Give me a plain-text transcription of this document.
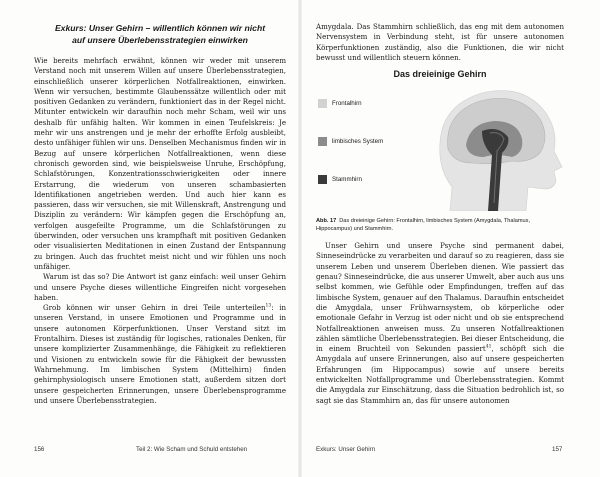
Exkurs: Unser Gehirn – willentlich können wir nicht
auf unsere Überlebensstrategien einwirken

Wie bereits mehrfach erwähnt, können wir weder mit unserem Verstand noch mit unserem Willen auf unsere Überlebensstrategien, einschließlich unserer körperlichen Notfallreaktionen, einwirken. Wenn wir versuchen, bestimmte Glaubenssätze willentlich oder mit positiven Gedanken zu verändern, funktioniert das in der Regel nicht. Mitunter entwickeln wir daraufhin noch mehr Scham, weil wir uns deshalb für unfähig halten. Wir kommen in einen Teufelskreis: Je mehr wir uns anstrengen und je mehr der erhoffte Erfolg ausbleibt, desto unfähiger fühlen wir uns. Denselben Mechanismus finden wir in Bezug auf unsere körperlichen Notfallreaktionen, wenn diese chronisch geworden sind, wie beispielsweise Unruhe, Erschöpfung, Schlafstörungen, Konzentrationsschwierigkeiten oder innere Erstarrung, die wiederum von unseren schambasierten Identifikationen angetrieben werden. Und auch hier kann es passieren, dass wir versuchen, sie mit Willenskraft, Anstrengung und Disziplin zu verändern: Wir kämpfen gegen die Erschöpfung an, verfolgen ausgefeilte Programme, um die Schlafstörungen zu überwinden, oder versuchen uns krampfhaft mit positiven Gedanken oder visualisierten Meditationen in einen Zustand der Entspannung zu bringen. Auch das fruchtet meist nicht und wir fühlen uns noch unfähiger.

Warum ist das so? Die Antwort ist ganz einfach: weil unser Gehirn und unsere Psyche dieses willentliche Eingreifen nicht vorgesehen haben.

Grob können wir unser Gehirn in drei Teile unterteilen$^{13}$: in unseren Verstand, in unsere Emotionen und Programme und in unsere autonomen Körperfunktionen. Unser Verstand sitzt im Frontalhirn. Dieses ist zuständig für logisches, rationales Denken, für unsere komplizierter Zusammenhänge, die Fähigkeit zu reflektieren und Visionen zu entwickeln sowie für die Fähigkeit der bewussten Wahrnehmung. Im limbischen System (Mittelhirn) finden gehirnphysiologisch unsere Emotionen statt, außerdem sitzen dort unsere gespeicherten Erinnerungen, unsere Überlebensprogramme und unsere Überlebensstrategien.

156	Teil 2: Wie Scham und Schuld entstehen

Amygdala. Das Stammhirn schließlich, das eng mit dem autonomen Nervensystem in Verbindung steht, ist für unsere autonomen Körperfunktionen zuständig, also die Funktionen, die wir nicht bewusst und willentlich steuern können.

Das dreieinige Gehirn
Frontalhirn
limbisches System
Stammhirn
Abb. 17 Das dreieinige Gehirn: Frontalhirn, limbisches System (Amygdala, Thalamus, Hippocampus) und Stammhirn.

Unser Gehirn und unsere Psyche sind permanent dabei, Sinneseindrücke zu verarbeiten und darauf so zu reagieren, dass sie unserem Leben und unserem Überleben dienen. Wie passiert das genau? Sinneseindrücke, die aus unserer Umwelt, aber auch aus uns selbst kommen, wie Gefühle oder Empfindungen, treffen auf das limbische System, genauer auf den Thalamus. Daraufhin entscheidet die Amygdala, unser Frühwarnsystem, ob körperliche oder emotionale Gefahr in Verzug ist oder nicht und ob sie entsprechend Notfallreaktionen anweisen muss. Zu unseren Notfallreaktionen zählen sämtliche Überlebensstrategien. Bei dieser Entscheidung, die in einem Bruchteil von Sekunden passiert$^{41}$, schöpft sich die Amygdala auf unsere Erinnerungen, also auf unsere gespeicherten Erfahrungen (im Hippocampus) sowie auf unsere bereits entwickelten Notfallprogramme und Überlebensstrategien. Kommt die Amygdala zur Einschätzung, dass die Situation bedrohlich ist, so sagt sie das Stammhirn an, das für unsere autonomen

Exkurs: Unser Gehirn	157
